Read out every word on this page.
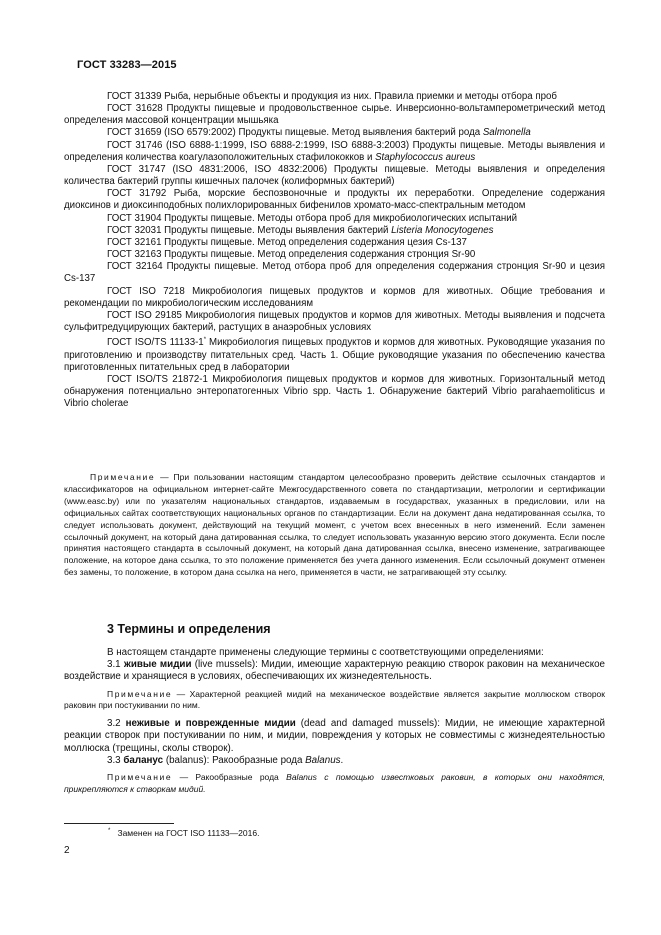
ГОСТ 33283—2015

ГОСТ 31339 Рыба, нерыбные объекты и продукция из них. Правила приемки и методы отбора проб

ГОСТ 31628 Продукты пищевые и продовольственное сырье. Инверсионно-вольтамперометрический метод определения массовой концентрации мышьяка

ГОСТ 31659 (ISO 6579:2002) Продукты пищевые. Метод выявления бактерий рода Salmonella

ГОСТ 31746 (ISO 6888-1:1999, ISO 6888-2:1999, ISO 6888-3:2003) Продукты пищевые. Методы выявления и определения количества коагулазоположительных стафилококков и Staphylococcus aureus

ГОСТ 31747 (ISO 4831:2006, ISO 4832:2006) Продукты пищевые. Методы выявления и определения количества бактерий группы кишечных палочек (колиформных бактерий)

ГОСТ 31792 Рыба, морские беспозвоночные и продукты их переработки. Определение содержания диоксинов и диоксинподобных полихлорированных бифенилов хромато-масс-спектральным методом

ГОСТ 31904 Продукты пищевые. Методы отбора проб для микробиологических испытаний

ГОСТ 32031 Продукты пищевые. Методы выявления бактерий Listeria Monocytogenes

ГОСТ 32161 Продукты пищевые. Метод определения содержания цезия Cs-137

ГОСТ 32163 Продукты пищевые. Метод определения содержания стронция Sr-90

ГОСТ 32164 Продукты пищевые. Метод отбора проб для определения содержания стронция Sr-90 и цезия Cs-137

ГОСТ ISO 7218 Микробиология пищевых продуктов и кормов для животных. Общие требования и рекомендации по микробиологическим исследованиям

ГОСТ ISO 29185 Микробиология пищевых продуктов и кормов для животных. Методы выявления и подсчета сульфитредуцирующих бактерий, растущих в анаэробных условиях

ГОСТ ISO/TS 11133-1* Микробиология пищевых продуктов и кормов для животных. Руководящие указания по приготовлению и производству питательных сред. Часть 1. Общие руководящие указания по обеспечению качества приготовленных питательных сред в лаборатории

ГОСТ ISO/TS 21872-1 Микробиология пищевых продуктов и кормов для животных. Горизонтальный метод обнаружения потенциально энтеропатогенных Vibrio spp. Часть 1. Обнаружение бактерий Vibrio parahaemoliticus и Vibrio cholerae

Примечание — При пользовании настоящим стандартом целесообразно проверить действие ссылочных стандартов и классификаторов на официальном интернет-сайте Межгосударственного совета по стандартизации, метрологии и сертификации (www.easc.by) или по указателям национальных стандартов, издаваемым в государствах, указанных в предисловии, или на официальных сайтах соответствующих национальных органов по стандартизации. Если на документ дана недатированная ссылка, то следует использовать документ, действующий на текущий момент, с учетом всех внесенных в него изменений. Если заменен ссылочный документ, на который дана датированная ссылка, то следует использовать указанную версию этого документа. Если после принятия настоящего стандарта в ссылочный документ, на который дана датированная ссылка, внесено изменение, затрагивающее положение, на которое дана ссылка, то это положение применяется без учета данного изменения. Если ссылочный документ отменен без замены, то положение, в котором дана ссылка на него, применяется в части, не затрагивающей эту ссылку.

3 Термины и определения

В настоящем стандарте применены следующие термины с соответствующими определениями:

3.1 живые мидии (live mussels): Мидии, имеющие характерную реакцию створок раковин на механическое воздействие и хранящиеся в условиях, обеспечивающих их жизнедеятельность.

Примечание — Характерной реакцией мидий на механическое воздействие является закрытие моллюском створок раковин при постукивании по ним.

3.2 неживые и поврежденные мидии (dead and damaged mussels): Мидии, не имеющие характерной реакции створок при постукивании по ним, и мидии, повреждения у которых не совместимы с жизнедеятельностью моллюска (трещины, сколы створок).

3.3 баланус (balanus): Ракообразные рода Balanus.

Примечание — Ракообразные рода Balanus с помощью известковых раковин, в которых они находятся, прикрепляются к створкам мидий.

* Заменен на ГОСТ ISO 11133—2016.
2
